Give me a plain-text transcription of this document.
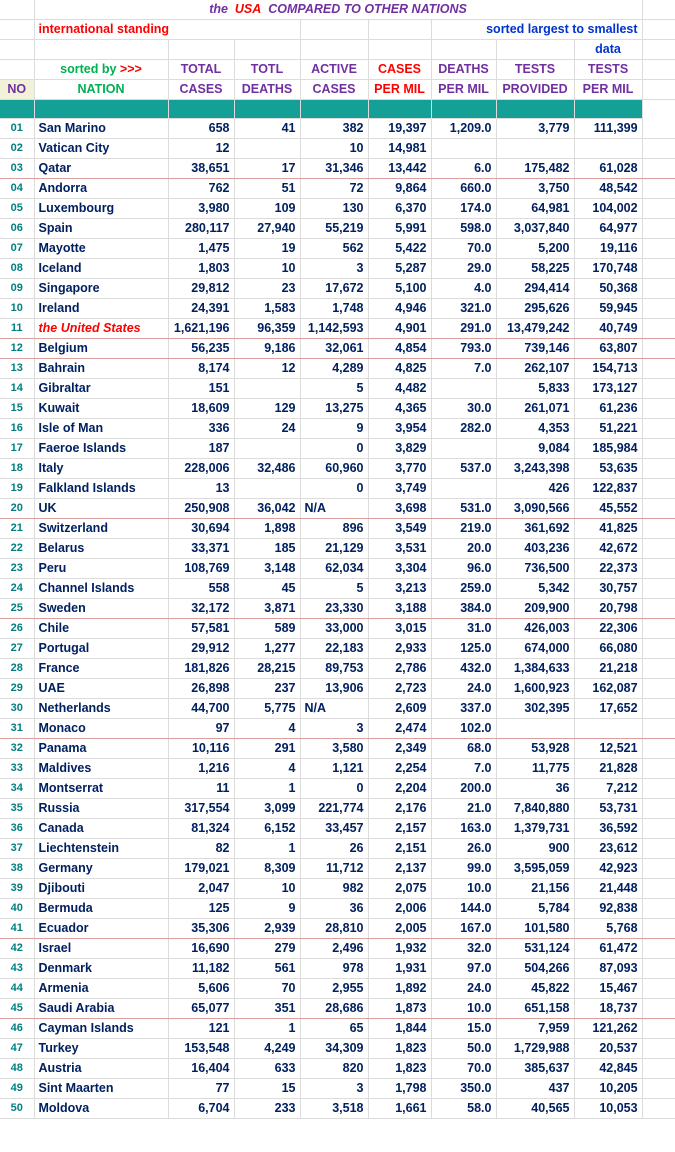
	the USA COMPARED TO OTHER NATIONS								
	international standing					sorted largest to smallest			
								data	
	sorted by >>>	TOTAL	TOTL	ACTIVE	CASES	DEATHS	TESTS	TESTS	
NO	NATION	CASES	DEATHS	CASES	PER MIL	PER MIL	PROVIDED	PER MIL	

01	San Marino	658	41	382	19,397	1,209.0	3,779	111,399	
02	Vatican City	12		10	14,981				
03	Qatar	38,651	17	31,346	13,442	6.0	175,482	61,028	
04	Andorra	762	51	72	9,864	660.0	3,750	48,542	
05	Luxembourg	3,980	109	130	6,370	174.0	64,981	104,002	
06	Spain	280,117	27,940	55,219	5,991	598.0	3,037,840	64,977	
07	Mayotte	1,475	19	562	5,422	70.0	5,200	19,116	
08	Iceland	1,803	10	3	5,287	29.0	58,225	170,748	
09	Singapore	29,812	23	17,672	5,100	4.0	294,414	50,368	
10	Ireland	24,391	1,583	1,748	4,946	321.0	295,626	59,945	
11	the United States	1,621,196	96,359	1,142,593	4,901	291.0	13,479,242	40,749	
12	Belgium	56,235	9,186	32,061	4,854	793.0	739,146	63,807	
13	Bahrain	8,174	12	4,289	4,825	7.0	262,107	154,713	
14	Gibraltar	151		5	4,482		5,833	173,127	
15	Kuwait	18,609	129	13,275	4,365	30.0	261,071	61,236	
16	Isle of Man	336	24	9	3,954	282.0	4,353	51,221	
17	Faeroe Islands	187		0	3,829		9,084	185,984	
18	Italy	228,006	32,486	60,960	3,770	537.0	3,243,398	53,635	
19	Falkland Islands	13		0	3,749		426	122,837	
20	UK	250,908	36,042	N/A	3,698	531.0	3,090,566	45,552	
21	Switzerland	30,694	1,898	896	3,549	219.0	361,692	41,825	
22	Belarus	33,371	185	21,129	3,531	20.0	403,236	42,672	
23	Peru	108,769	3,148	62,034	3,304	96.0	736,500	22,373	
24	Channel Islands	558	45	5	3,213	259.0	5,342	30,757	
25	Sweden	32,172	3,871	23,330	3,188	384.0	209,900	20,798	
26	Chile	57,581	589	33,000	3,015	31.0	426,003	22,306	
27	Portugal	29,912	1,277	22,183	2,933	125.0	674,000	66,080	
28	France	181,826	28,215	89,753	2,786	432.0	1,384,633	21,218	
29	UAE	26,898	237	13,906	2,723	24.0	1,600,923	162,087	
30	Netherlands	44,700	5,775	N/A	2,609	337.0	302,395	17,652	
31	Monaco	97	4	3	2,474	102.0			
32	Panama	10,116	291	3,580	2,349	68.0	53,928	12,521	
33	Maldives	1,216	4	1,121	2,254	7.0	11,775	21,828	
34	Montserrat	11	1	0	2,204	200.0	36	7,212	
35	Russia	317,554	3,099	221,774	2,176	21.0	7,840,880	53,731	
36	Canada	81,324	6,152	33,457	2,157	163.0	1,379,731	36,592	
37	Liechtenstein	82	1	26	2,151	26.0	900	23,612	
38	Germany	179,021	8,309	11,712	2,137	99.0	3,595,059	42,923	
39	Djibouti	2,047	10	982	2,075	10.0	21,156	21,448	
40	Bermuda	125	9	36	2,006	144.0	5,784	92,838	
41	Ecuador	35,306	2,939	28,810	2,005	167.0	101,580	5,768	
42	Israel	16,690	279	2,496	1,932	32.0	531,124	61,472	
43	Denmark	11,182	561	978	1,931	97.0	504,266	87,093	
44	Armenia	5,606	70	2,955	1,892	24.0	45,822	15,467	
45	Saudi Arabia	65,077	351	28,686	1,873	10.0	651,158	18,737	
46	Cayman Islands	121	1	65	1,844	15.0	7,959	121,262	
47	Turkey	153,548	4,249	34,309	1,823	50.0	1,729,988	20,537	
48	Austria	16,404	633	820	1,823	70.0	385,637	42,845	
49	Sint Maarten	77	15	3	1,798	350.0	437	10,205	
50	Moldova	6,704	233	3,518	1,661	58.0	40,565	10,053	
